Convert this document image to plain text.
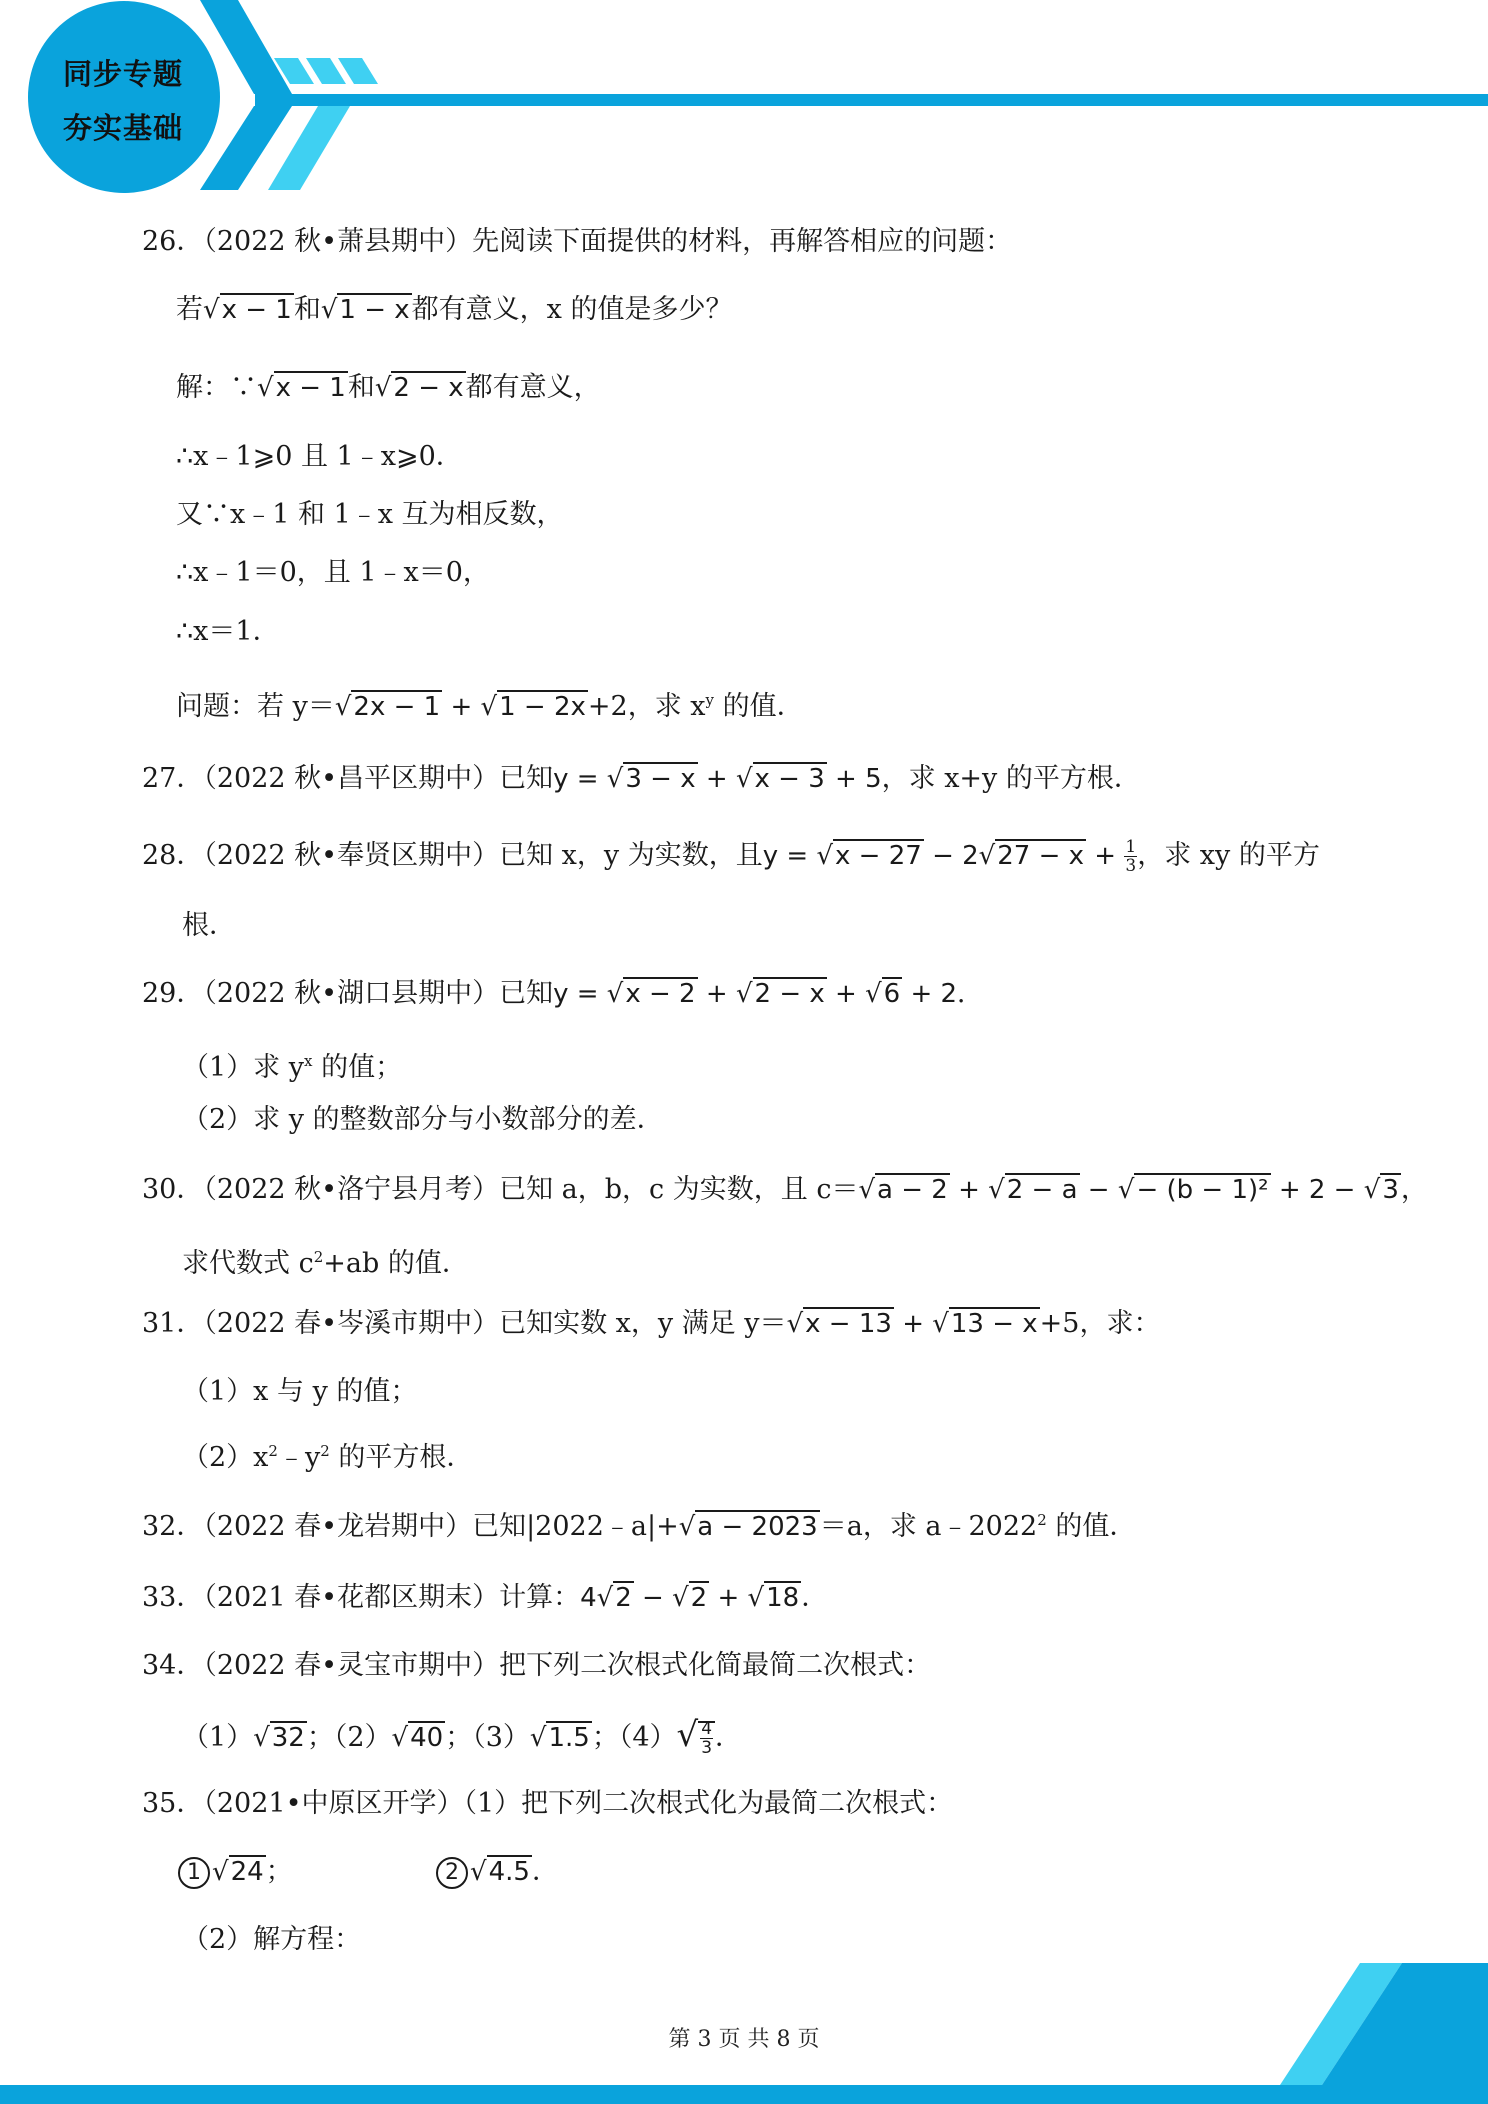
同步专题
夯实基础
26．（2022 秋•萧县期中）先阅读下面提供的材料，再解答相应的问题：
若√x − 1和√1 − x都有意义，x 的值是多少？
解：∵√x − 1和√2 − x都有意义，
∴x﹣1⩾0 且 1﹣x⩾0．
又∵x﹣1 和 1﹣x 互为相反数，
∴x﹣1＝0，且 1﹣x＝0，
∴x＝1．
问题：若 y＝√2x − 1 + √1 − 2x+2，求 $x^y$ 的值．
27．（2022 秋•昌平区期中）已知y = √3 − x + √x − 3 + 5，求 x+y 的平方根．
28．（2022 秋•奉贤区期中）已知 x，y 为实数，且$y = √x - 27 - 2√27 - x + \frac{1}{3}$ ，求 xy 的平方
根．
29．（2022 秋•湖口县期中）已知y = √x − 2 + √2 − x + √6 + 2．
（1）求 $y^x$ 的值；
（2）求 y 的整数部分与小数部分的差．
30．（2022 秋•洛宁县月考）已知 a，b，c 为实数，且 c＝√a − 2 + √2 − a − √− (b − 1)² + 2 − √3，
求代数式 $c^2+ab$ 的值．
31．（2022 春•岑溪市期中）已知实数 x，y 满足 y＝√x − 13 + √13 − x+5，求：
（1）x 与 y 的值；
$(2)x^2﹣y^2$ 的平方根．
32．（2022 春•龙岩期中）已知|2022﹣a|+√a − 2023＝a，求 a﹣2022$^2$ 的值．
33．（2021 春•花都区期末）计算：4√2 − √2 + √18．
34．（2022 春•灵宝市期中）把下列二次根式化简最简二次根式：
（1）√32；（2）√40；（3）√1.5；$(4)√ \frac{4}{3}$ ．
35．（2021•中原区开学）（1）把下列二次根式化为最简二次根式：
1 √24；	2 √4.5．
（2）解方程：
第 3 页 共 8 页
